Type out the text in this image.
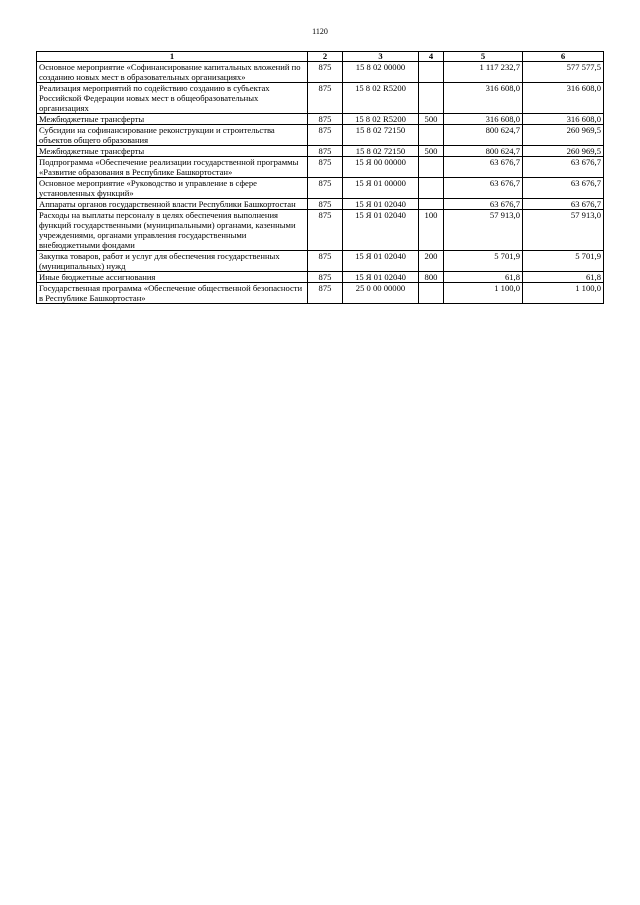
1120
1	2	3	4	5	6
Основное мероприятие «Софинансирование капитальных вложений по созданию новых мест в образовательных организациях»	875	15 8 02 00000		1 117 232,7	577 577,5
Реализация мероприятий по содействию созданию в субъектах Российской Федерации новых мест в общеобразовательных организациях	875	15 8 02 R5200		316 608,0	316 608,0
Межбюджетные трансферты	875	15 8 02 R5200	500	316 608,0	316 608,0
Субсидии на софинансирование реконструкции и строительства объектов общего образования	875	15 8 02 72150		800 624,7	260 969,5
Межбюджетные трансферты	875	15 8 02 72150	500	800 624,7	260 969,5
Подпрограмма «Обеспечение реализации государственной программы «Развитие образования в Республике Башкортостан»	875	15 Я 00 00000		63 676,7	63 676,7
Основное мероприятие «Руководство и управление в сфере установленных функций»	875	15 Я 01 00000		63 676,7	63 676,7
Аппараты органов государственной власти Республики Башкортостан	875	15 Я 01 02040		63 676,7	63 676,7
Расходы на выплаты персоналу в целях обеспечения выполнения функций государственными (муниципальными) органами, казенными учреждениями, органами управления государственными внебюджетными фондами	875	15 Я 01 02040	100	57 913,0	57 913,0
Закупка товаров, работ и услуг для обеспечения государственных (муниципальных) нужд	875	15 Я 01 02040	200	5 701,9	5 701,9
Иные бюджетные ассигнования	875	15 Я 01 02040	800	61,8	61,8
Государственная программа «Обеспечение общественной безопасности в Республике Башкортостан»	875	25 0 00 00000		1 100,0	1 100,0
